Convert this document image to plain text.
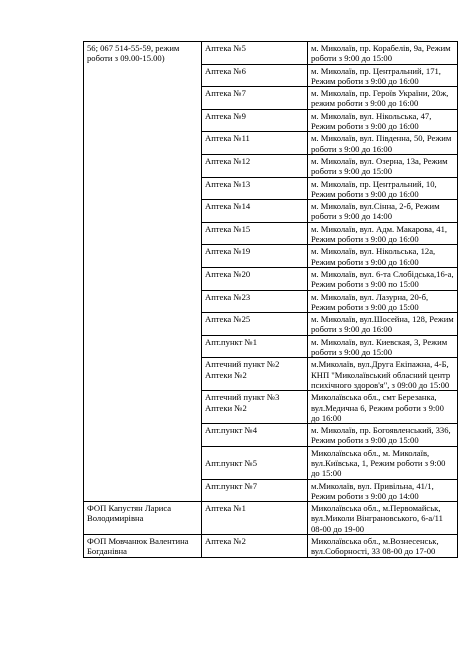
56; 067 514-55-59, режим роботи з 09.00-15.00)	Аптека №5	м. Миколаїв, пр. Корабелів, 9а, Режим роботи з 9:00 до 15:00
	Аптека №6	м. Миколаїв, пр. Центральний, 171, Режим роботи з 9:00 до 16:00
	Аптека №7	м. Миколаїв, пр. Героїв України, 20ж, режим роботи з 9:00 до 16:00
	Аптека №9	м. Миколаїв, вул. Нікольська, 47, Режим роботи з 9:00 до 16:00
	Аптека №11	м. Миколаїв, вул. Південна, 50, Режим роботи з 9:00 до 16:00
	Аптека №12	м. Миколаїв, вул. Озерна, 13а, Режим роботи з 9:00 до 15:00
	Аптека №13	м. Миколаїв, пр. Центральний, 10, Режим роботи з 9:00 до 16:00
	Аптека №14	м. Миколаїв, вул.Сінна, 2-б, Режим роботи з 9:00 до 14:00
	Аптека №15	м. Миколаїв, вул. Адм. Макарова, 41, Режим роботи з 9:00 до 16:00
	Аптека №19	м. Миколаїв, вул. Нікольська, 12а, Режим роботи з 9:00 до 16:00
	Аптека №20	м. Миколаїв, вул. 6-та Слобідська,16-а, Режим роботи з 9:00 по 15:00
	Аптека №23	м. Миколаїв, вул. Лазурна, 20-б, Режим роботи з 9:00 до 15:00
	Аптека №25	м. Миколаїв, вул.Шосейна, 128, Режим роботи з 9:00 до 16:00
	Апт.пункт №1	м. Миколаїв, вул. Киевская, 3, Режим роботи з 9:00 до 15:00
	Аптечний пункт №2 Аптеки №2	м.Миколаїв, вул.Друга Екіпажна, 4-Б, КНП "Миколаївський обласний центр психічного здоров'я", з 09:00 до 15:00
	Аптечний пункт №3 Аптеки №2	Миколаївська обл., смт Березанка, вул.Медична 6, Режим роботи з 9:00 до 16:00
	Апт.пункт №4	м. Миколаїв, пр. Богоявленський, 336, Режим роботи з 9:00 до 15:00
	Апт.пункт №5	Миколаївська обл., м. Миколаїв, вул.Київська, 1, Режим роботи з 9:00 до 15:00
	Апт.пункт №7	м.Миколаїв, вул. Привільна, 41/1, Режим роботи з 9:00 до 14:00
ФОП Капустян Лариса Володимирівна	Аптека №1	Миколаївська обл., м.Первомайськ, вул.Миколи Вінграновського, 6-а/11 08-00 до 19-00
ФОП Мовчанюк Валентина Богданівна	Аптека №2	Миколаївська обл., м.Вознесенськ, вул.Соборності, 33 08-00 до 17-00
